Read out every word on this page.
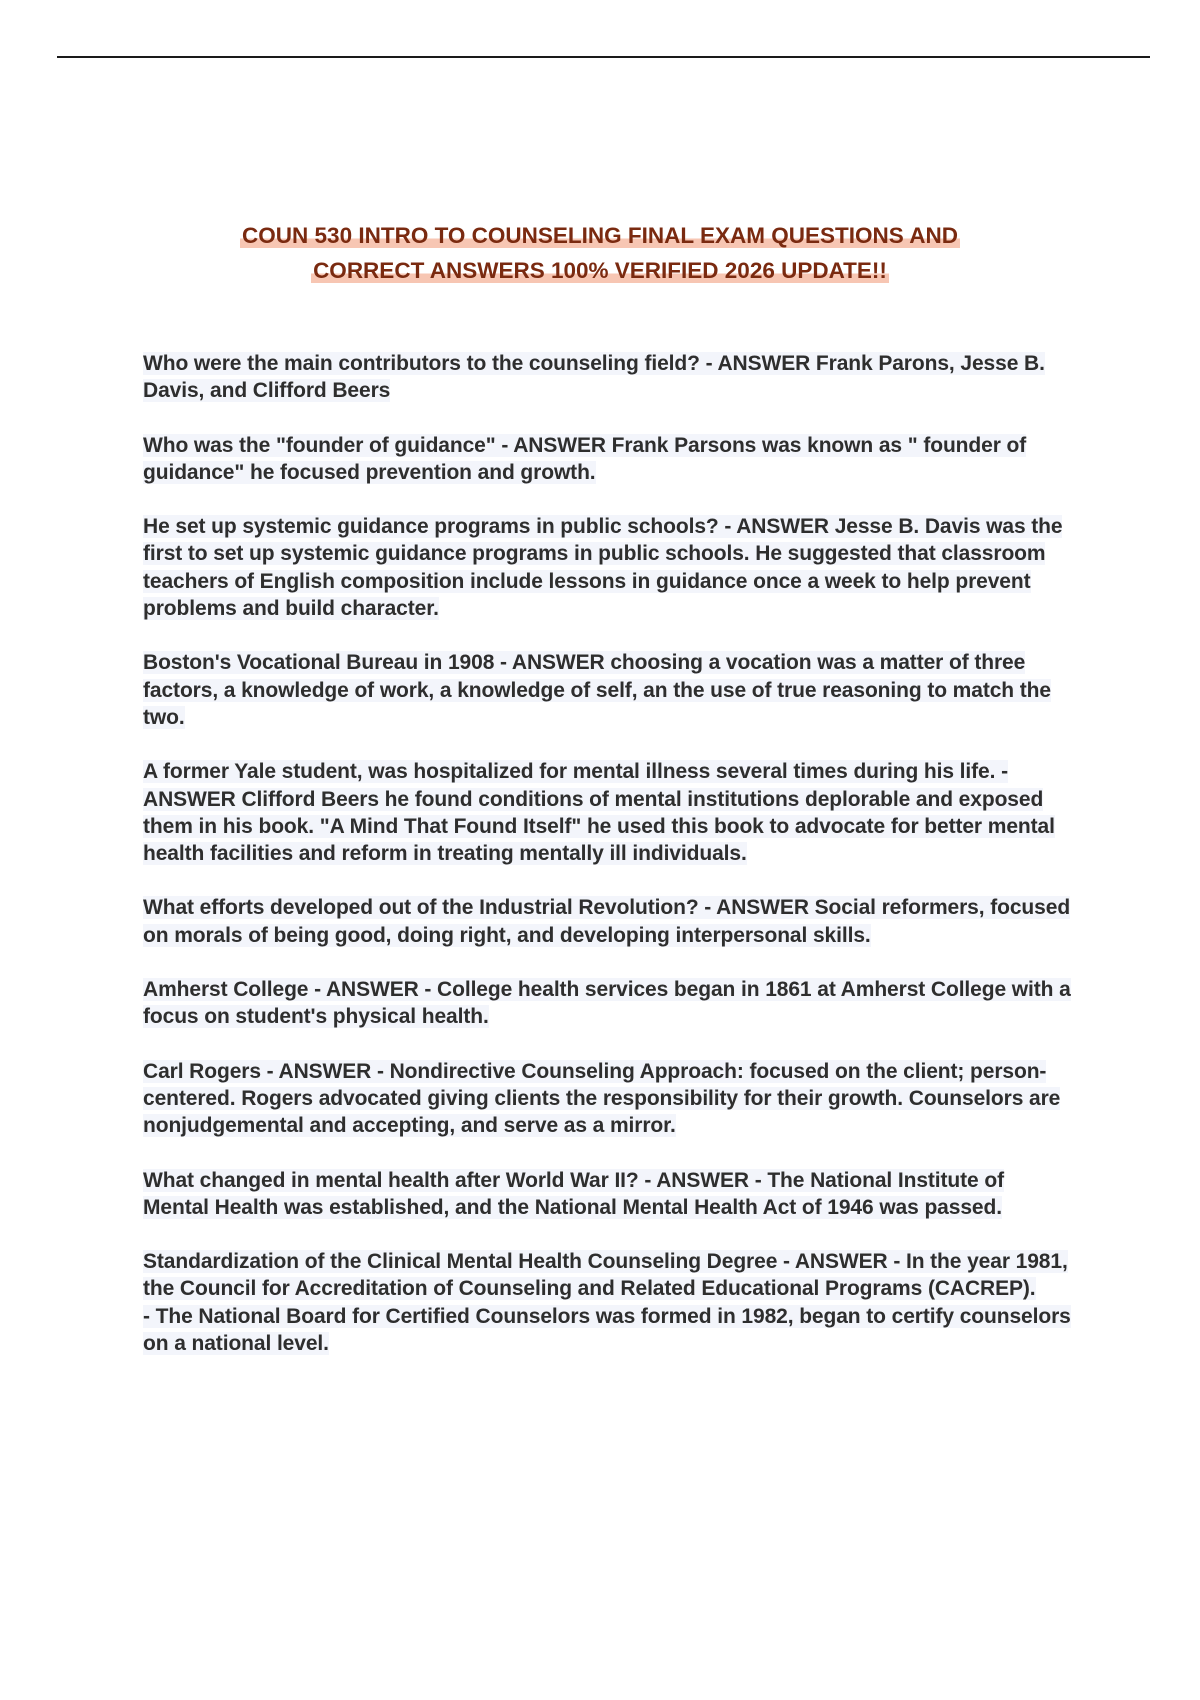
COUN 530 INTRO TO COUNSELING FINAL EXAM QUESTIONS AND
CORRECT ANSWERS 100% VERIFIED 2026 UPDATE!!

Who were the main contributors to the counseling field? - ANSWER Frank Parons, Jesse B. Davis, and Clifford Beers

Who was the "founder of guidance" - ANSWER Frank Parsons was known as " founder of guidance" he focused prevention and growth.

He set up systemic guidance programs in public schools? - ANSWER Jesse B. Davis was the first to set up systemic guidance programs in public schools. He suggested that classroom teachers of English composition include lessons in guidance once a week to help prevent problems and build character.

Boston's Vocational Bureau in 1908 - ANSWER choosing a vocation was a matter of three factors, a knowledge of work, a knowledge of self, an the use of true reasoning to match the two.

A former Yale student, was hospitalized for mental illness several times during his life. - ANSWER Clifford Beers he found conditions of mental institutions deplorable and exposed them in his book. "A Mind That Found Itself" he used this book to advocate for better mental health facilities and reform in treating mentally ill individuals.

What efforts developed out of the Industrial Revolution? - ANSWER Social reformers, focused on morals of being good, doing right, and developing interpersonal skills.

Amherst College - ANSWER - College health services began in 1861 at Amherst College with a focus on student's physical health.

Carl Rogers - ANSWER - Nondirective Counseling Approach: focused on the client; person-centered. Rogers advocated giving clients the responsibility for their growth. Counselors are nonjudgemental and accepting, and serve as a mirror.

What changed in mental health after World War II? - ANSWER - The National Institute of Mental Health was established, and the National Mental Health Act of 1946 was passed.

Standardization of the Clinical Mental Health Counseling Degree - ANSWER - In the year 1981, the Council for Accreditation of Counseling and Related Educational Programs (CACREP).

- The National Board for Certified Counselors was formed in 1982, began to certify counselors on a national level.
